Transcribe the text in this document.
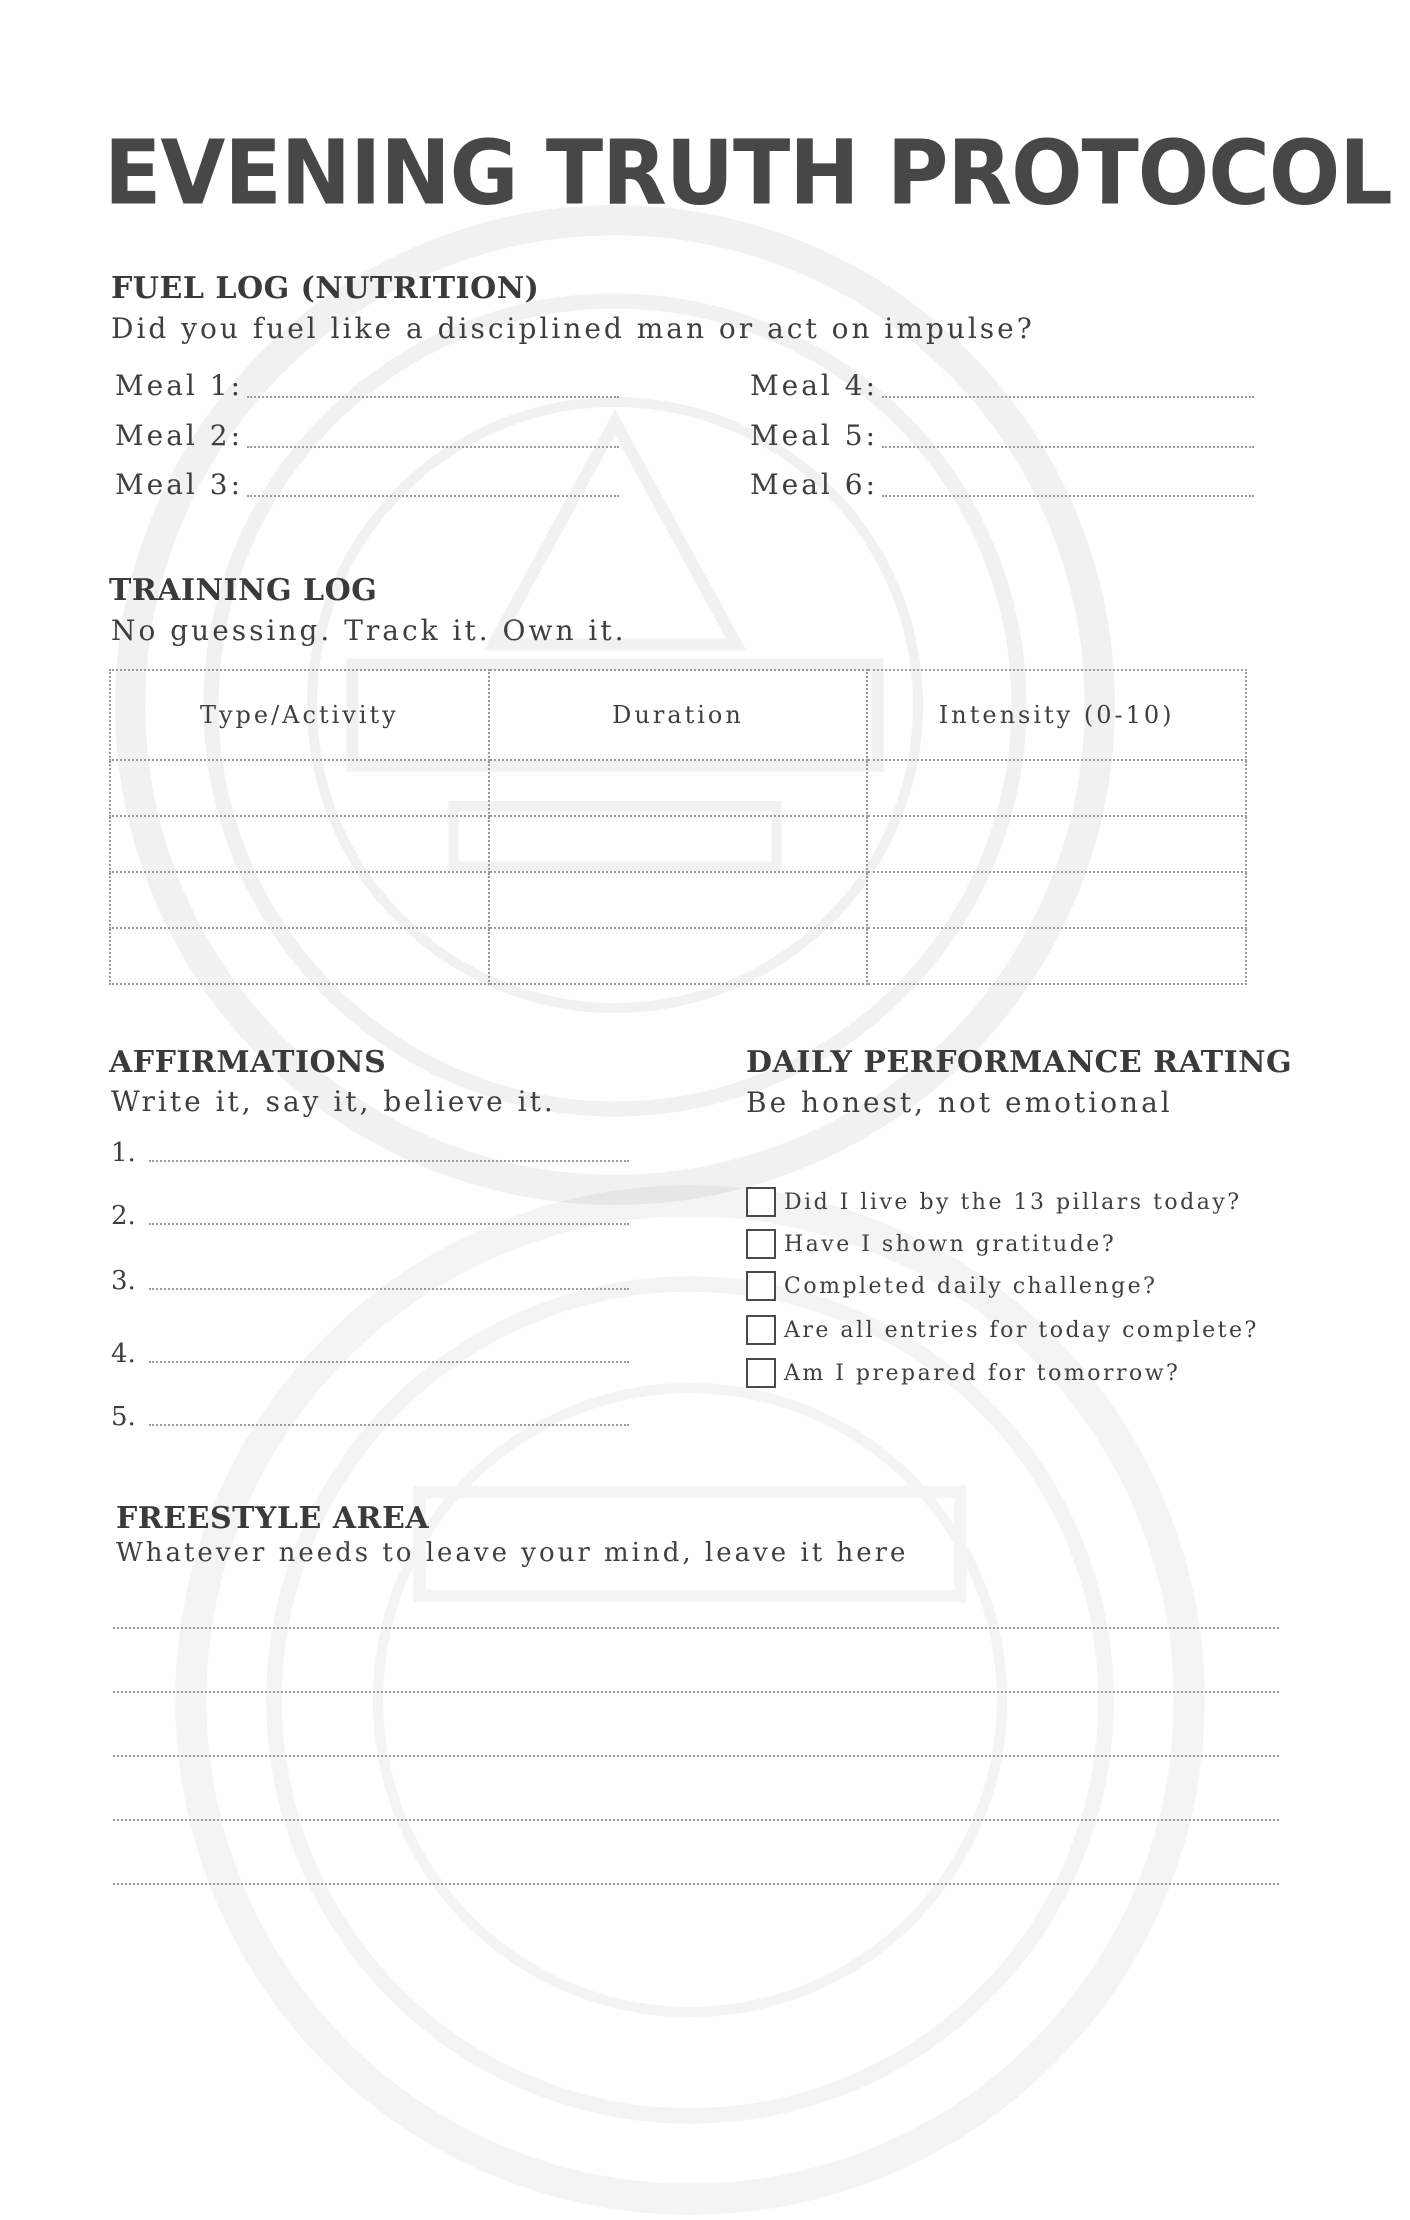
EVENING TRUTH PROTOCOL
FUEL LOG (NUTRITION)
Did you fuel like a disciplined man or act on impulse?
Meal 1:
Meal 2:
Meal 3:
Meal 4:
Meal 5:
Meal 6:
TRAINING LOG
No guessing. Track it. Own it.
Type/Activity	Duration	Intensity (0-10)

AFFIRMATIONS
Write it, say it, believe it.
1.
2.
3.
4.
5.
DAILY PERFORMANCE RATING
Be honest, not emotional
Did I live by the 13 pillars today?
Have I shown gratitude?
Completed daily challenge?
Are all entries for today complete?
Am I prepared for tomorrow?
FREESTYLE AREA
Whatever needs to leave your mind, leave it here
